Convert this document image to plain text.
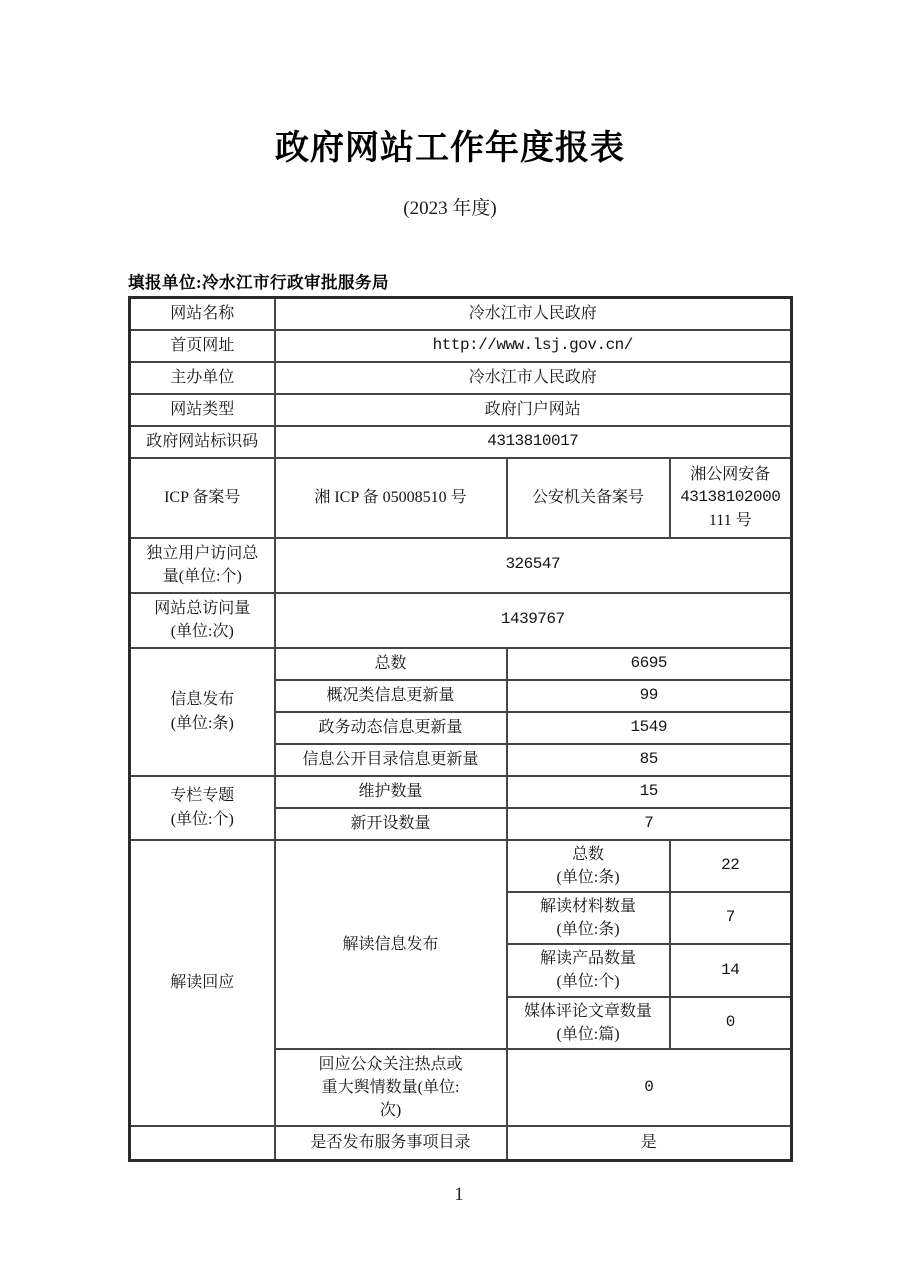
政府网站工作年度报表
(2023 年度)
填报单位:冷水江市行政审批服务局
网站名称	冷水江市人民政府		
首页网址	http://www.lsj.gov.cn/		
主办单位	冷水江市人民政府		
网站类型	政府门户网站		
政府网站标识码	4313810017		
ICP 备案号	湘 ICP 备 05008510 号	公安机关备案号	湘公网安备
43138102000
111 号

独立用户访问总
量(单位:个)	326547		

网站总访问量
(单位:次)	1439767		

信息发布
(单位:条)	总数	6695	
	概况类信息更新量	99	
	政务动态信息更新量	1549	
	信息公开目录信息更新量	85	

专栏专题
(单位:个)	维护数量	15	
	新开设数量	7	
解读回应	解读信息发布	总数
(单位:条)	22

		解读材料数量
(单位:条)	7

		解读产品数量
(单位:个)	14

		媒体评论文章数量
(单位:篇)	0

	回应公众关注热点或
重大舆情数量(单位:
次)	0	
	是否发布服务事项目录	是	
1
